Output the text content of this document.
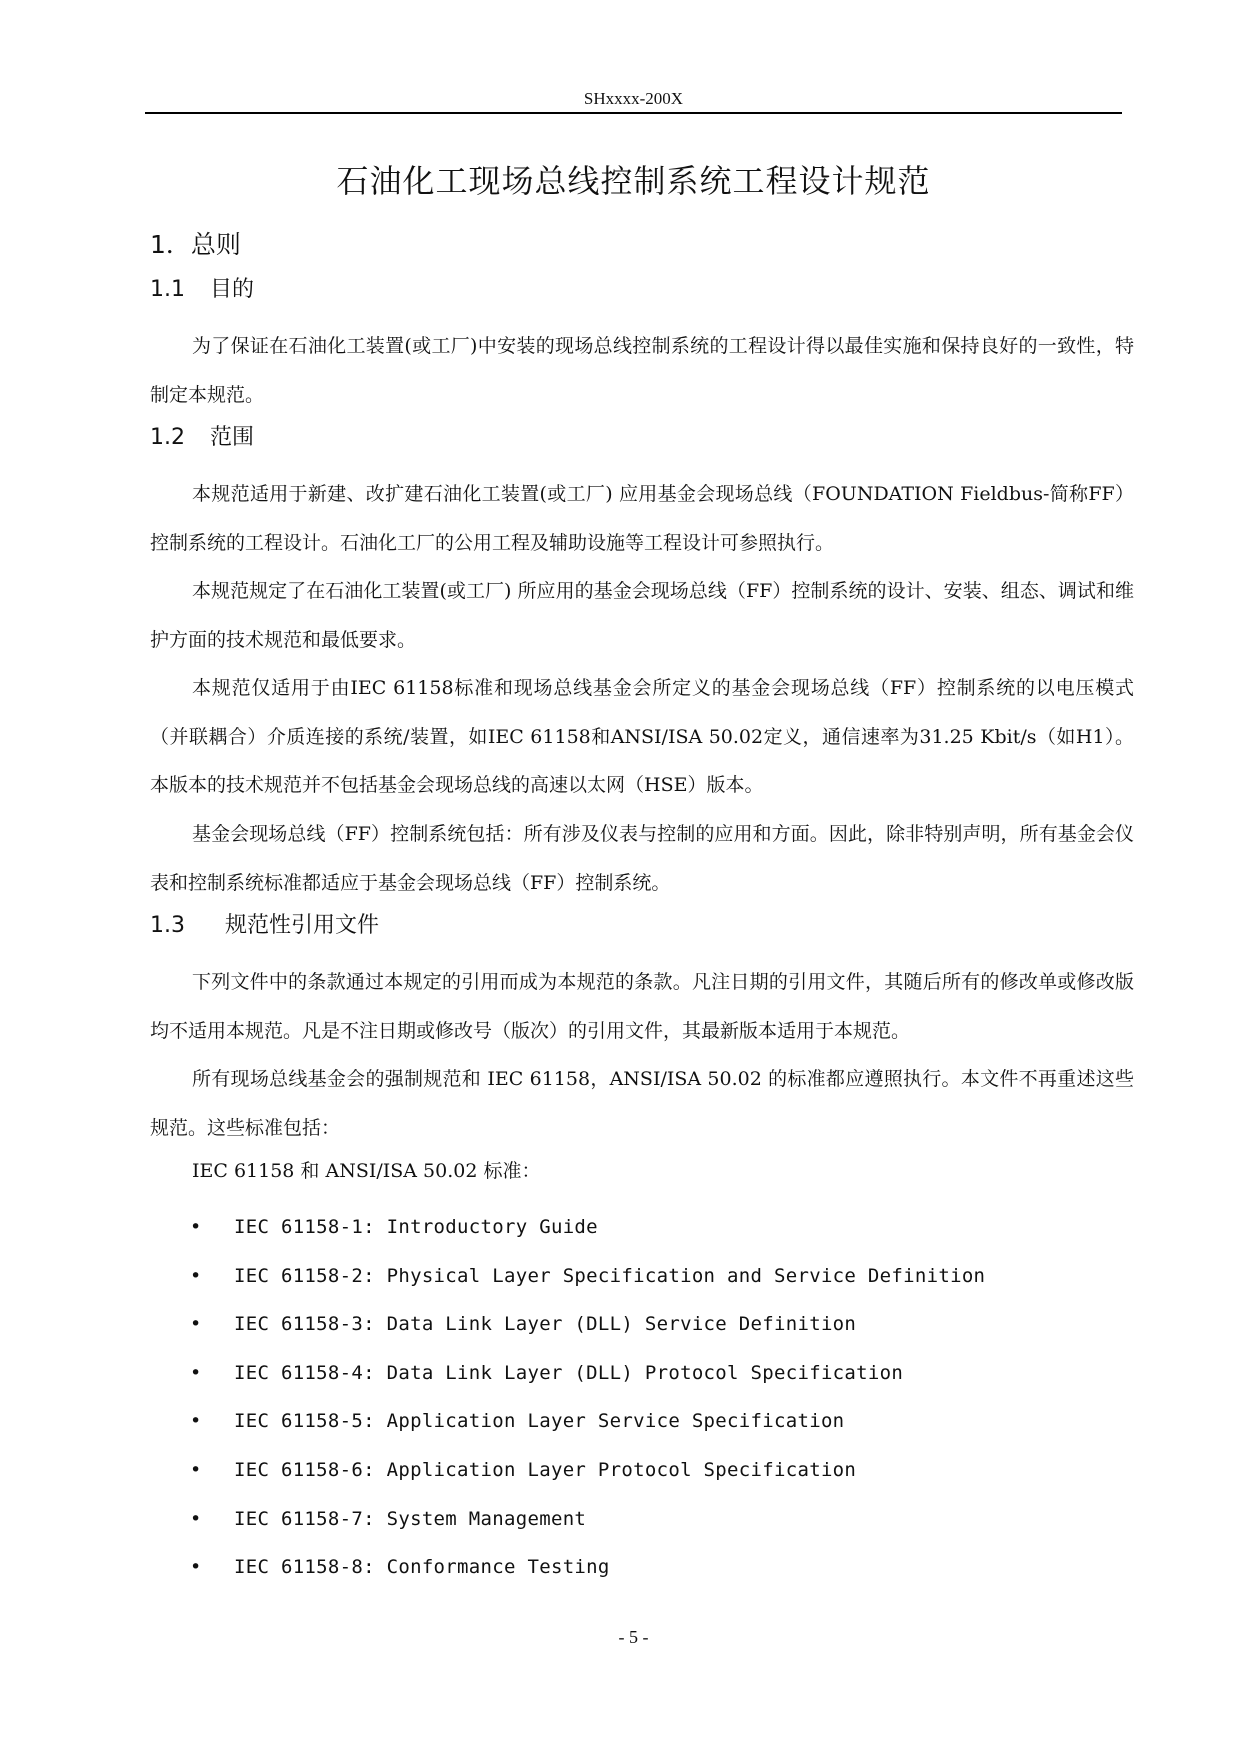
SHxxxx-200X
石油化工现场总线控制系统工程设计规范
1．总则
1.1 目的
为了保证在石油化工装置(或工厂)中安装的现场总线控制系统的工程设计得以最佳实施和保持良好的一致性，特制定本规范。
1.2 范围
本规范适用于新建、改扩建石油化工装置(或工厂) 应用基金会现场总线（FOUNDATION Fieldbus-简称FF）控制系统的工程设计。石油化工厂的公用工程及辅助设施等工程设计可参照执行。
本规范规定了在石油化工装置(或工厂) 所应用的基金会现场总线（FF）控制系统的设计、安装、组态、调试和维护方面的技术规范和最低要求。
本规范仅适用于由IEC 61158标准和现场总线基金会所定义的基金会现场总线（FF）控制系统的以电压模式（并联耦合）介质连接的系统/装置，如IEC 61158和ANSI/ISA 50.02定义，通信速率为31.25 Kbit/s（如H1）。本版本的技术规范并不包括基金会现场总线的高速以太网（HSE）版本。
基金会现场总线（FF）控制系统包括：所有涉及仪表与控制的应用和方面。因此，除非特别声明，所有基金会仪表和控制系统标准都适应于基金会现场总线（FF）控制系统。
1.3 规范性引用文件
下列文件中的条款通过本规定的引用而成为本规范的条款。凡注日期的引用文件，其随后所有的修改单或修改版均不适用本规范。凡是不注日期或修改号（版次）的引用文件，其最新版本适用于本规范。
所有现场总线基金会的强制规范和 IEC 61158，ANSI/ISA 50.02 的标准都应遵照执行。本文件不再重述这些规范。这些标准包括：
IEC 61158 和 ANSI/ISA 50.02 标准：
• IEC 61158-1: Introductory Guide
• IEC 61158-2: Physical Layer Specification and Service Definition
• IEC 61158-3: Data Link Layer (DLL) Service Definition
• IEC 61158-4: Data Link Layer (DLL) Protocol Specification
• IEC 61158-5: Application Layer Service Specification
• IEC 61158-6: Application Layer Protocol Specification
• IEC 61158-7: System Management
• IEC 61158-8: Conformance Testing
- 5 -
